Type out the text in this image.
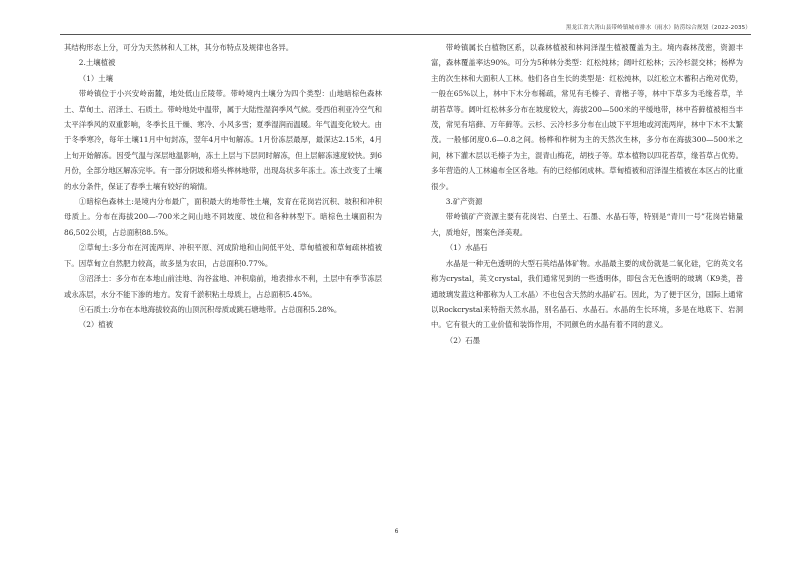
黑龙江省大箐山县带岭镇城市排水（雨水）防涝综合规划（2022-2035）

其结构形态上分，可分为天然林和人工林，其分布特点及规律也各异。

2.土壤植被

（1）土壤

带岭镇位于小兴安岭南麓，地处低山丘陵带。带岭境内土壤分为四个类型：山地暗棕色森林土、草甸土、沼泽土、石质土。带岭地处中温带，属于大陆性湿润季风气候。受西伯利亚冷空气和太平洋季风的双重影响，冬季长且干燥、寒冷、小风多雪；夏季湿润而温暖。年气温变化较大。由于冬季寒冷，每年土壤11月中旬封冻，翌年4月中旬解冻。1月份冻层最厚，最深达2.15米，4月上旬开始解冻。因受气温与深层地温影响，冻土上层与下层同时解冻，但上层解冻速度较快。到6月份，全部分地区解冻完毕。有一部分阴坡和塔头桦林地带，出现岛状多年冻土。冻土改变了土壤的水分条件，保证了春季土壤有较好的墒情。

①暗棕色森林土:是境内分布最广，面积最大的地带性土壤，发育在花岗岩沉积、坡积和冲积母质上。分布在海拔200—-700米之间山地不同坡度、坡位和各种林型下。暗棕色土壤面积为86,502公顷，占总面积88.5%。

②草甸土:多分布在河流两岸、冲积平原、河成阶地和山间低平处、草甸植被和草甸疏林植被下。因草甸立自然肥力较高，故多垦为农田，占总面积0.77%。

③沼泽土：多分布在本地山前洼地、沟谷盆地、冲积扇前，地表排水不利，土层中有季节冻层或永冻层，水分不能下渗的地方。发育千淤积粘土母质上，占总面积5.45%。

④石质土:分布在本地海拔较高的山顶沉积母质或跳石塘地带。占总面积5.28%。

（2）植被

带岭镇属长白植物区系，以森林植被和林间泽湿生植被覆盖为主。境内森林茂密，资源丰富，森林覆盖率达90%。可分为5种林分类型：红松纯林；阔叶红松林；云冷杉混交林；杨桦为主的次生林和大面积人工林。他们各自生长的类型是：红松纯林，以红松立木蓄积占绝对优势，一般在65%以上，林中下木分布稀疏，常见有毛榛子、青楷子等，林中下草多为毛缘苔草，羊胡苔草等。阔叶红松林多分布在坡度较大，海拔200—500米的平缓地带，林中苔藓植被相当丰茂，常见有培藓、万年藓等。云杉、云冷杉多分布在山坡下平坦地或河流两岸，林中下木不太繁茂。一般郁闭度0.6—0.8之间。杨桦和柞树为主的天然次生林，多分布在海拔300—500米之间，林下灌木层以毛榛子为主，混青山梅花，胡枝子等。草本植物以四花苔草，缘苔草占优势。多年营造的人工林遍布全区各地。有的已经郁闭成林。草甸植被和沼泽湿生植被在本区占的比重很少。

3.矿产资源

带岭镇矿产资源主要有花岗岩、白垩土、石墨、水晶石等，特别是“青川一号”花岗岩储量大，质地好，图案色泽美观。

（1）水晶石

水晶是一种无色透明的大型石英结晶体矿物。水晶最主要的成份就是二氧化硅，它的英文名称为crystal，英文crystal，我们通常见到的一些透明体，即包含无色透明的玻璃（K9类，普通玻璃发蓝这种都称为人工水晶）不也包含天然的水晶矿石。因此，为了便于区分，国际上通常以Rockcrystal来特指天然水晶，别名晶石、水晶石。水晶的生长环境，多是在地底下、岩洞中。它有很大的工业价值和装饰作用，不同颜色的水晶有着不同的意义。

（2）石墨

6
